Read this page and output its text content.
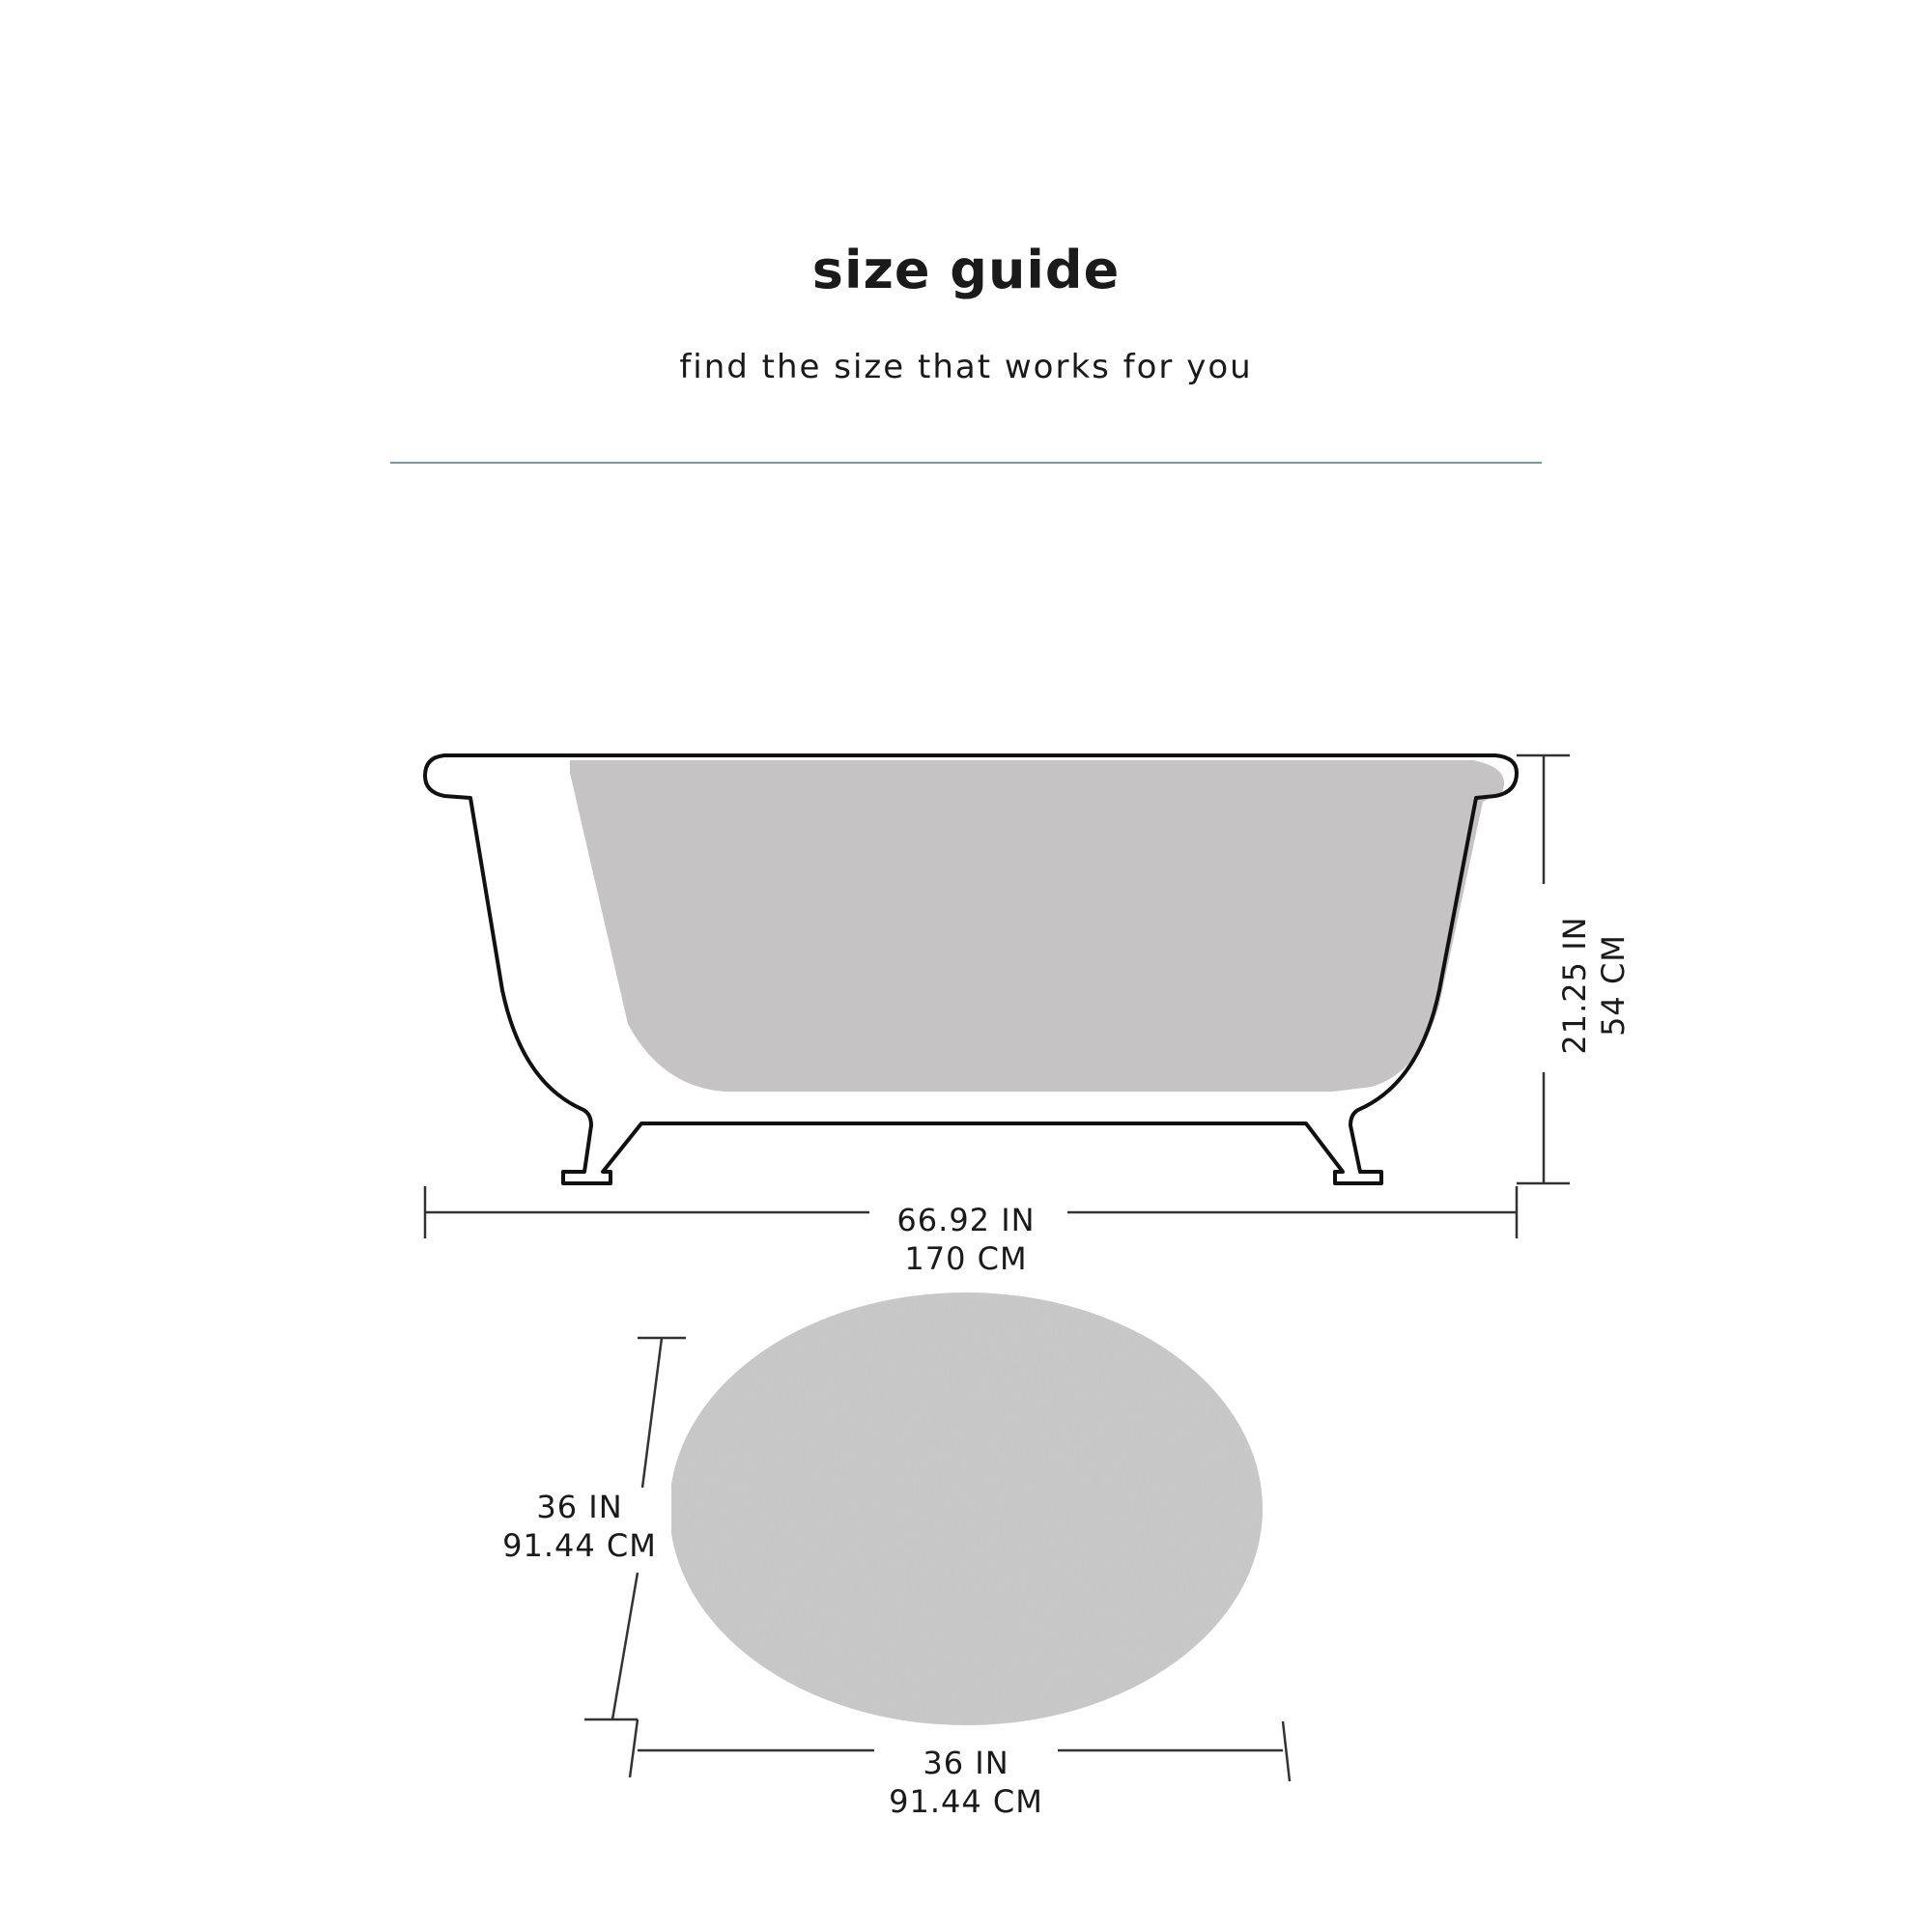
size guide
find the size that works for you
66.92 IN
170 CM
21.25 IN 54 CM
36 IN
91.44 CM
36 IN
91.44 CM
